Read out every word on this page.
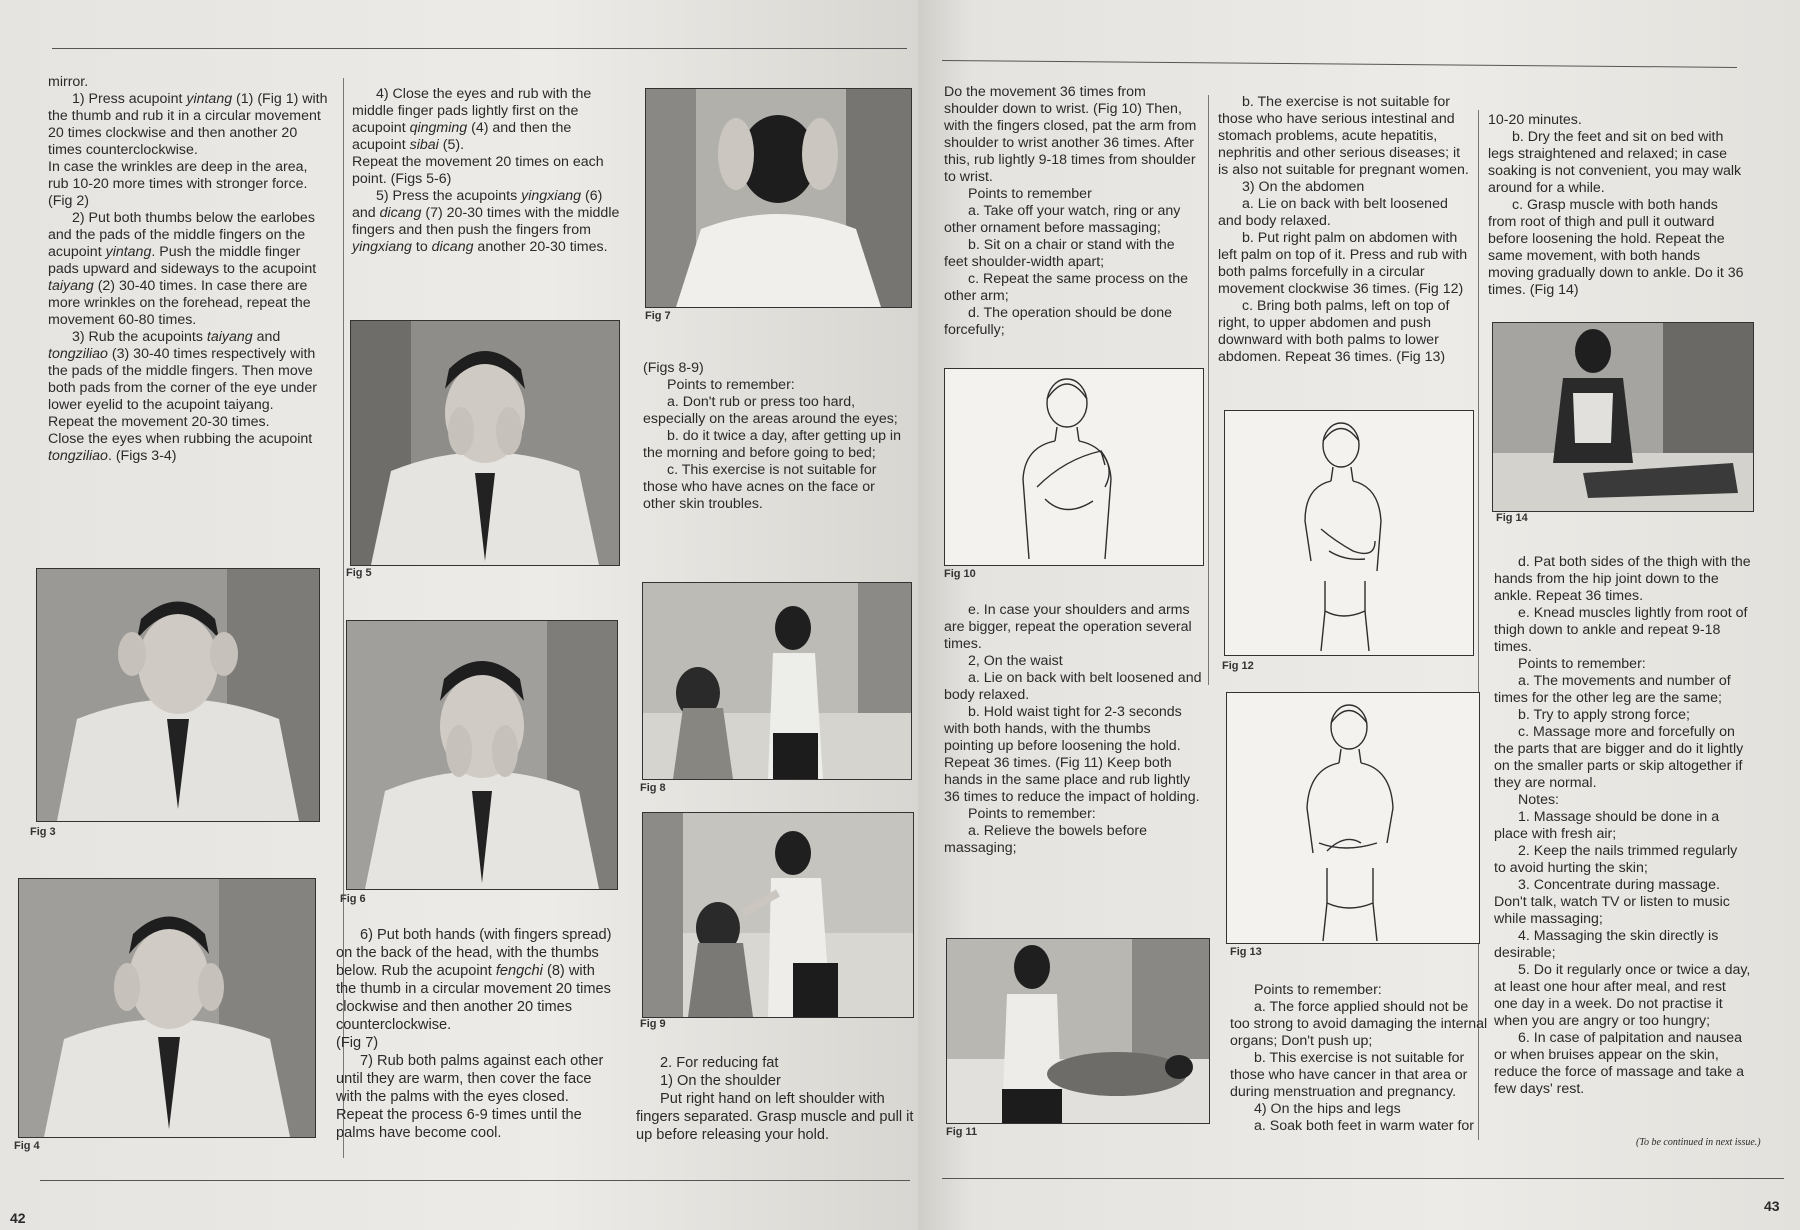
mirror.

1) Press acupoint yintang (1) (Fig 1) with the thumb and rub it in a circular movement 20 times clockwise and then another 20 times counterclockwise.

In case the wrinkles are deep in the area, rub 10-20 more times with stronger force. (Fig 2)

2) Put both thumbs below the earlobes and the pads of the middle fingers on the acupoint yintang. Push the middle finger pads upward and sideways to the acupoint taiyang (2) 30-40 times. In case there are more wrinkles on the forehead, repeat the movement 60-80 times.

3) Rub the acupoints taiyang and tongziliao (3) 30-40 times respectively with the pads of the middle fingers. Then move both pads from the corner of the eye under lower eyelid to the acupoint taiyang.

Repeat the movement 20-30 times.

Close the eyes when rubbing the acupoint tongziliao. (Figs 3-4)

4) Close the eyes and rub with the middle finger pads lightly first on the acupoint qingming (4) and then the acupoint sibai (5).

Repeat the movement 20 times on each point. (Figs 5-6)

5) Press the acupoints yingxiang (6) and dicang (7) 20-30 times with the middle fingers and then push the fingers from yingxiang to dicang another 20-30 times.

6) Put both hands (with fingers spread) on the back of the head, with the thumbs below. Rub the acupoint fengchi (8) with the thumb in a circular movement 20 times clockwise and then another 20 times counterclockwise.

(Fig 7)

7) Rub both palms against each other until they are warm, then cover the face with the palms with the eyes closed. Repeat the process 6-9 times until the palms have become cool.

(Figs 8-9)

Points to remember:

a. Don't rub or press too hard, especially on the areas around the eyes;

b. do it twice a day, after getting up in the morning and before going to bed;

c. This exercise is not suitable for those who have acnes on the face or other skin troubles.

2. For reducing fat

1) On the shoulder

Put right hand on left shoulder with fingers separated. Grasp muscle and pull it up before releasing your hold.

Do the movement 36 times from shoulder down to wrist. (Fig 10) Then, with the fingers closed, pat the arm from shoulder to wrist another 36 times. After this, rub lightly 9-18 times from shoulder to wrist.

Points to remember

a. Take off your watch, ring or any other ornament before massaging;

b. Sit on a chair or stand with the feet shoulder-width apart;

c. Repeat the same process on the other arm;

d. The operation should be done forcefully;

e. In case your shoulders and arms are bigger, repeat the operation several times.

2, On the waist

a. Lie on back with belt loosened and body relaxed.

b. Hold waist tight for 2-3 seconds with both hands, with the thumbs pointing up before loosening the hold. Repeat 36 times. (Fig 11) Keep both hands in the same place and rub lightly 36 times to reduce the impact of holding.

Points to remember:

a. Relieve the bowels before massaging;

b. The exercise is not suitable for those who have serious intestinal and stomach problems, acute hepatitis, nephritis and other serious diseases; it is also not suitable for pregnant women.

3) On the abdomen

a. Lie on back with belt loosened and body relaxed.

b. Put right palm on abdomen with left palm on top of it. Press and rub with both palms forcefully in a circular movement clockwise 36 times. (Fig 12)

c. Bring both palms, left on top of right, to upper abdomen and push downward with both palms to lower abdomen. Repeat 36 times. (Fig 13)

Points to remember:

a. The force applied should not be too strong to avoid damaging the internal organs; Don't push up;

b. This exercise is not suitable for those who have cancer in that area or during menstruation and pregnancy.

4) On the hips and legs

a. Soak both feet in warm water for

10-20 minutes.

b. Dry the feet and sit on bed with legs straightened and relaxed; in case soaking is not convenient, you may walk around for a while.

c. Grasp muscle with both hands from root of thigh and pull it outward before loosening the hold. Repeat the same movement, with both hands moving gradually down to ankle. Do it 36 times. (Fig 14)

d. Pat both sides of the thigh with the hands from the hip joint down to the ankle. Repeat 36 times.

e. Knead muscles lightly from root of thigh down to ankle and repeat 9-18 times.

Points to remember:

a. The movements and number of times for the other leg are the same;

b. Try to apply strong force;

c. Massage more and forcefully on the parts that are bigger and do it lightly on the smaller parts or skip altogether if they are normal.

Notes:

1. Massage should be done in a place with fresh air;

2. Keep the nails trimmed regularly to avoid hurting the skin;

3. Concentrate during massage. Don't talk, watch TV or listen to music while massaging;

4. Massaging the skin directly is desirable;

5. Do it regularly once or twice a day, at least one hour after meal, and rest one day in a week. Do not practise it when you are angry or too hungry;

6. In case of palpitation and nausea or when bruises appear on the skin, reduce the force of massage and take a few days' rest.

Fig 3
Fig 4
Fig 5
Fig 6
Fig 7
Fig 8
Fig 9
Fig 10
Fig 11
Fig 12
Fig 13
Fig 14
42
43
(To be continued in next issue.)
